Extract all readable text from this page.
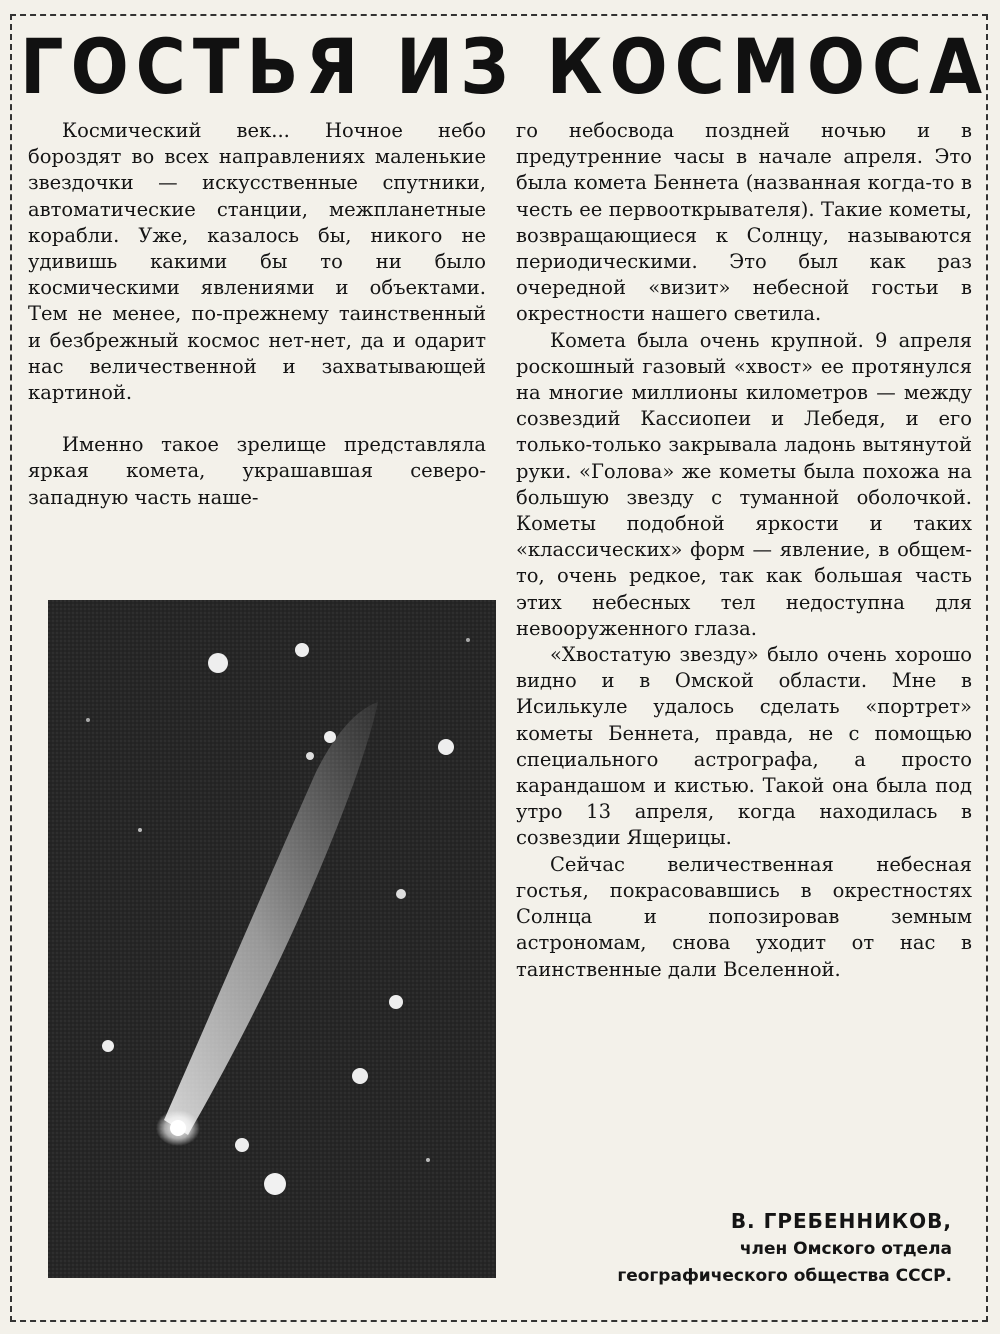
ГОСТЬЯ ИЗ КОСМОСА

Космический век... Ночное небо бороздят во всех направлениях маленькие звездочки — искусственные спутники, автоматические станции, межпланетные корабли. Уже, казалось бы, никого не удивишь какими бы то ни было космическими явлениями и объектами. Тем не менее, по-прежнему таинственный и безбрежный космос нет-нет, да и одарит нас величественной и захватывающей картиной.

Именно такое зрелище представляла яркая комета, украшавшая северо-западную часть наше-

го небосвода поздней ночью и в предутренние часы в начале апреля. Это была комета Беннета (названная когда-то в честь ее первооткрывателя). Такие кометы, возвращающиеся к Солнцу, называются периодическими. Это был как раз очередной «визит» небесной гостьи в окрестности нашего светила.

Комета была очень крупной. 9 апреля роскошный газовый «хвост» ее протянулся на многие миллионы километров — между созвездий Кассиопеи и Лебедя, и его только-только закрывала ладонь вытянутой руки. «Голова» же кометы была похожа на большую звезду с туманной оболочкой. Кометы подобной яркости и таких «классических» форм — явление, в общем-то, очень редкое, так как большая часть этих небесных тел недоступна для невооруженного глаза.

«Хвостатую звезду» было очень хорошо видно и в Омской области. Мне в Исилькуле удалось сделать «портрет» кометы Беннета, правда, не с помощью специального астрографа, а просто карандашом и кистью. Такой она была под утро 13 апреля, когда находилась в созвездии Ящерицы.

Сейчас величественная небесная гостья, покрасовавшись в окрестностях Солнца и попозировав земным астрономам, снова уходит от нас в таинственные дали Вселенной.

В. ГРЕБЕННИКОВ,
член Омского отдела
географического общества СССР.
